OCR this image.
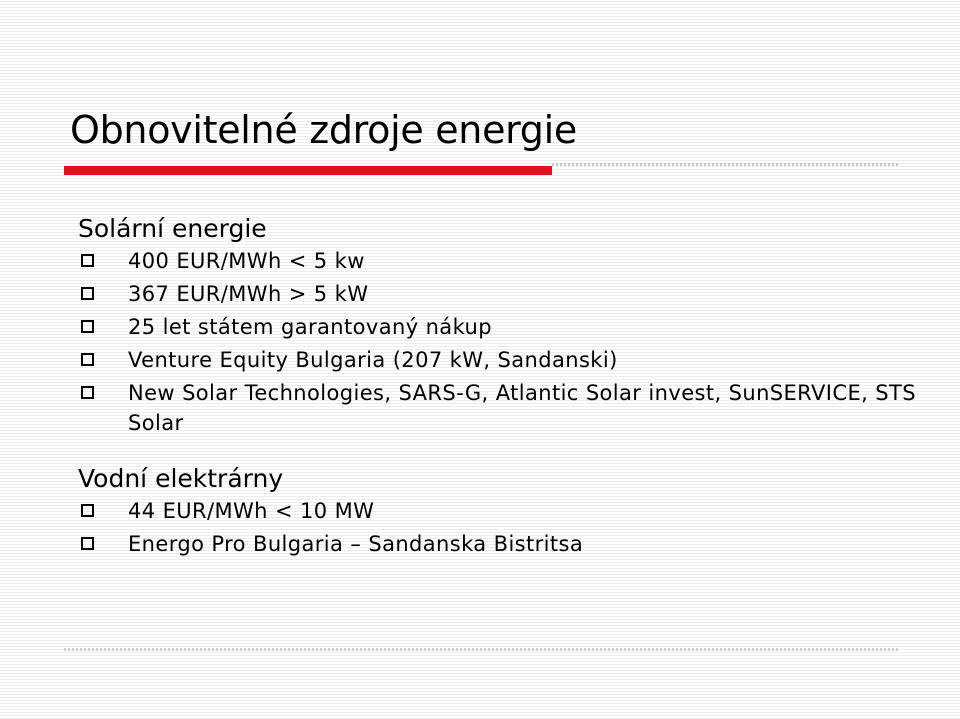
Obnovitelné zdroje energie

Solární energie

400 EUR/MWh < 5 kw
367 EUR/MWh > 5 kW
25 let státem garantovaný nákup
Venture Equity Bulgaria (207 kW, Sandanski)
New Solar Technologies, SARS-G, Atlantic Solar invest, SunSERVICE, STS Solar

Vodní elektrárny

44 EUR/MWh < 10 MW
Energo Pro Bulgaria – Sandanska Bistritsa
